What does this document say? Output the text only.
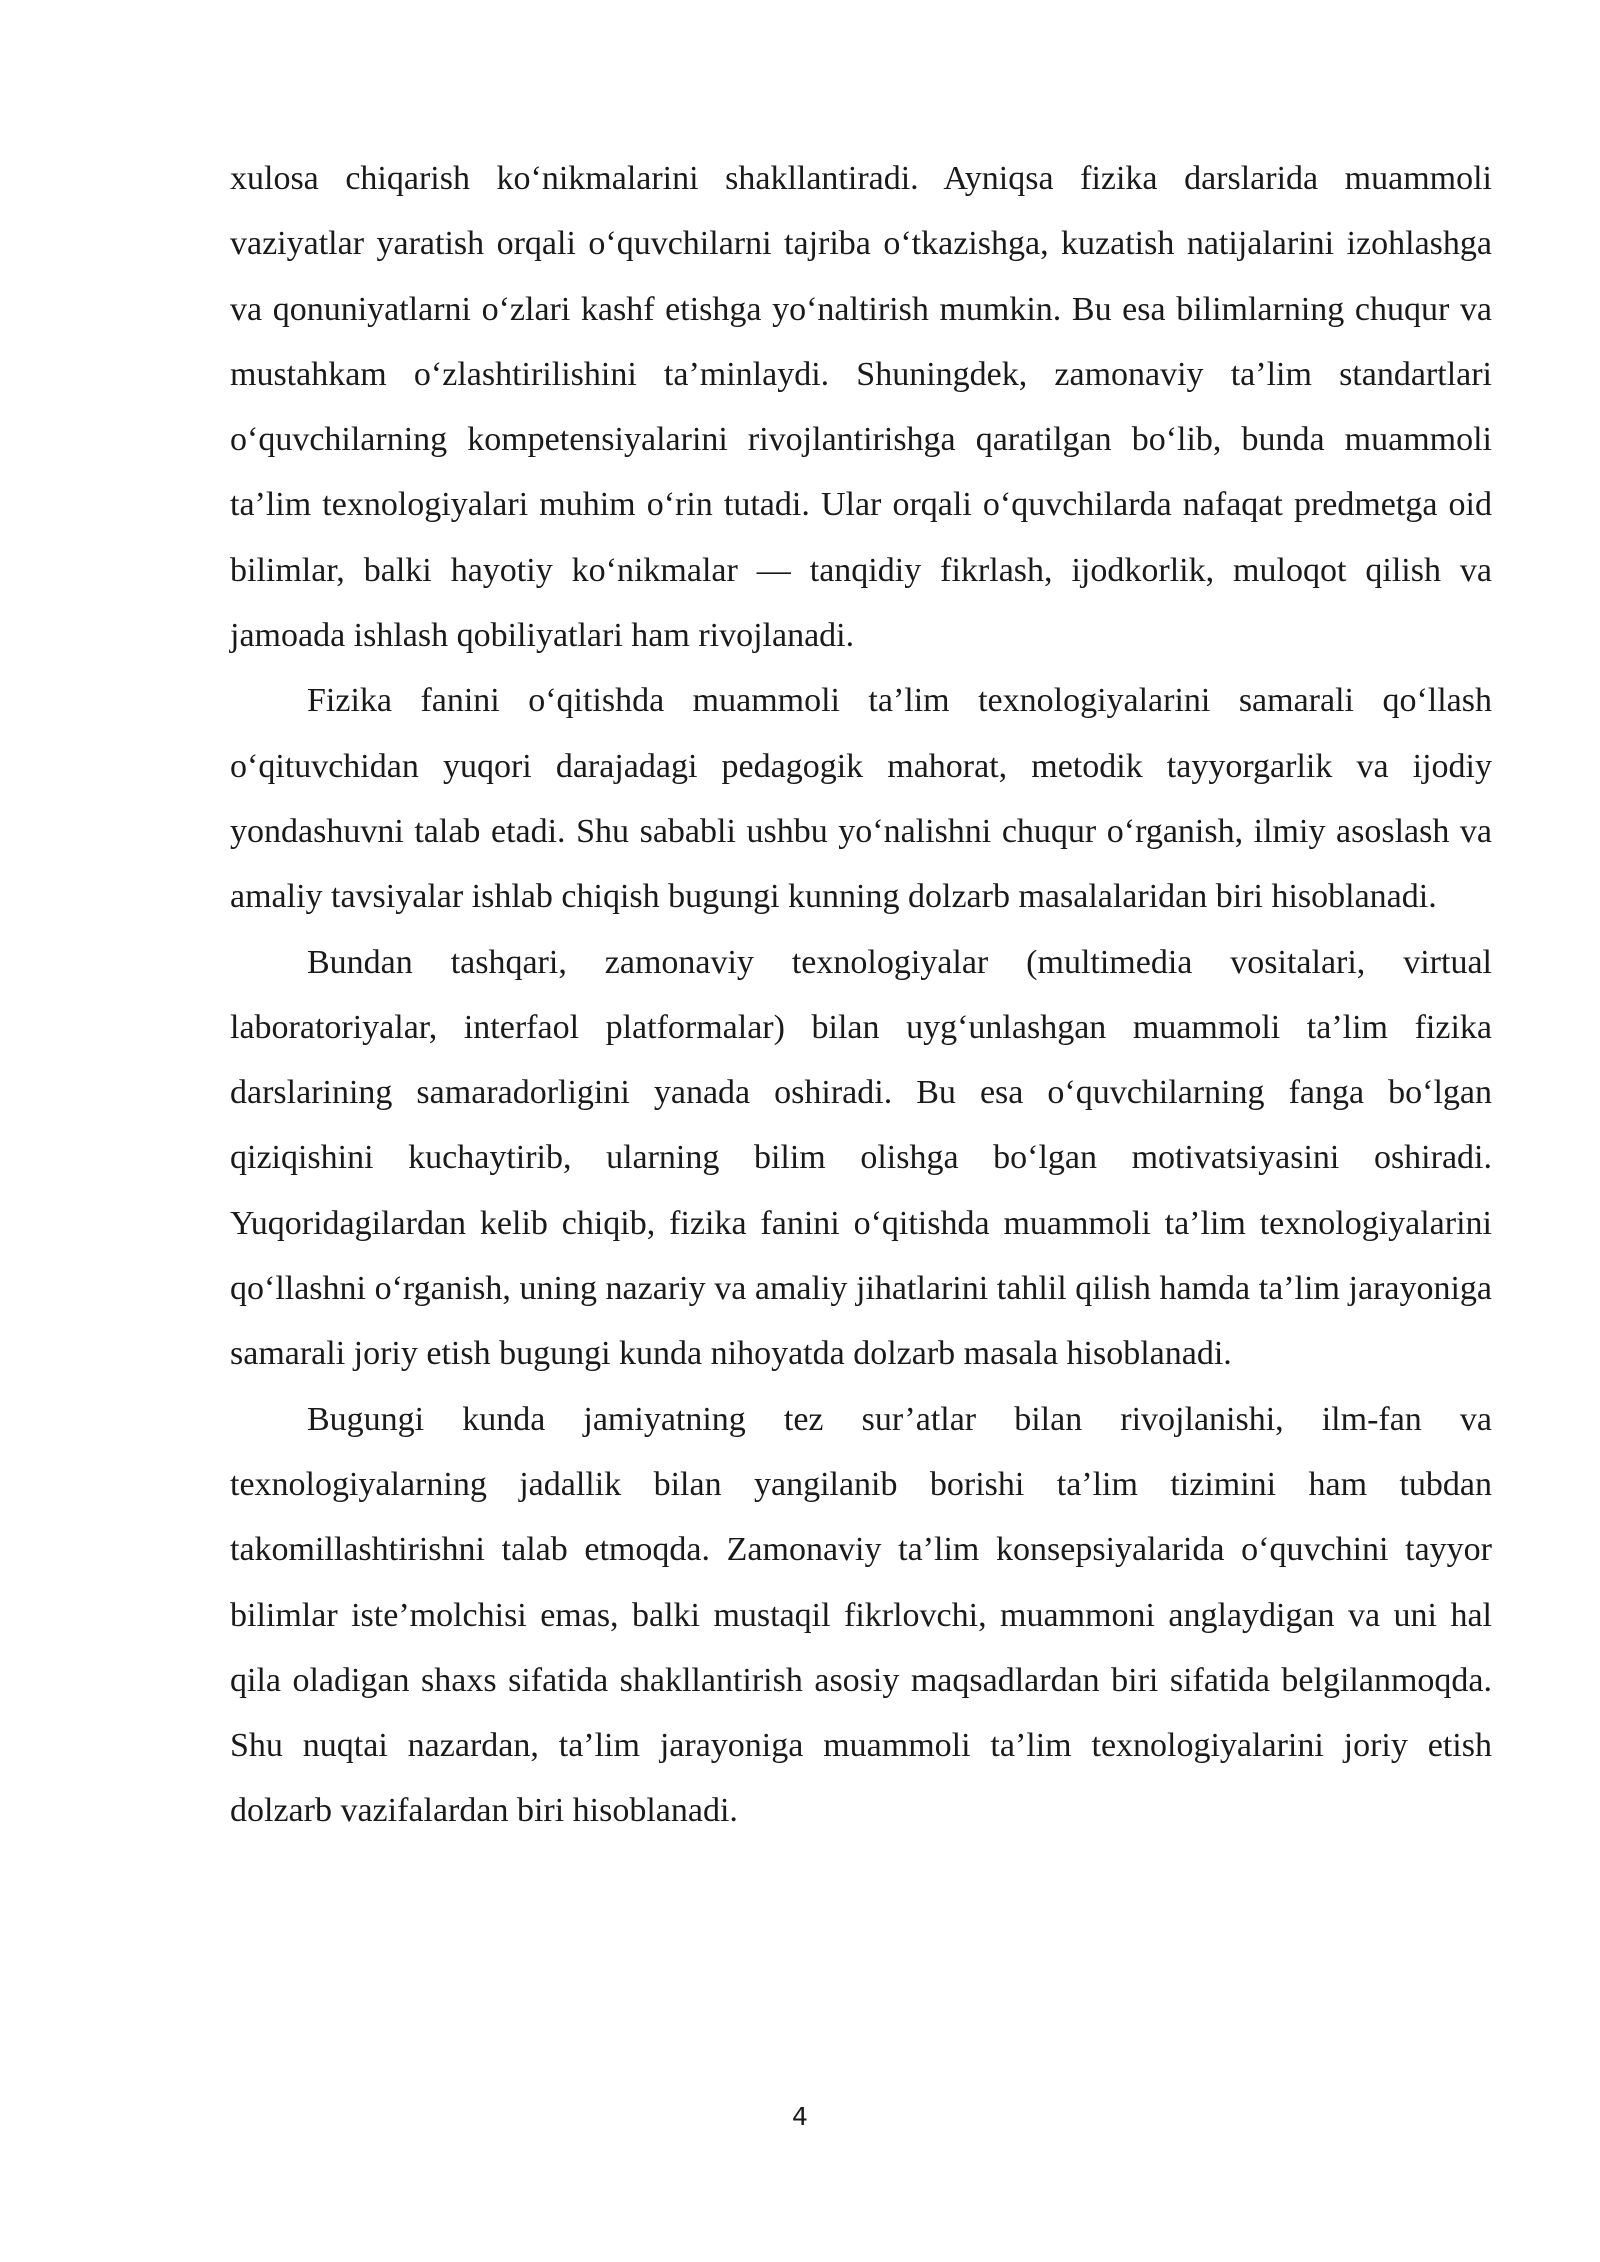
xulosa chiqarish ko‘nikmalarini shakllantiradi. Ayniqsa fizika darslarida muammoli vaziyatlar yaratish orqali o‘quvchilarni tajriba o‘tkazishga, kuzatish natijalarini izohlashga va qonuniyatlarni o‘zlari kashf etishga yo‘naltirish mumkin. Bu esa bilimlarning chuqur va mustahkam o‘zlashtirilishini ta’minlaydi. Shuningdek, zamonaviy ta’lim standartlari o‘quvchilarning kompetensiyalarini rivojlantirishga qaratilgan bo‘lib, bunda muammoli ta’lim texnologiyalari muhim o‘rin tutadi. Ular orqali o‘quvchilarda nafaqat predmetga oid bilimlar, balki hayotiy ko‘nikmalar — tanqidiy fikrlash, ijodkorlik, muloqot qilish va jamoada ishlash qobiliyatlari ham rivojlanadi.

Fizika fanini o‘qitishda muammoli ta’lim texnologiyalarini samarali qo‘llash o‘qituvchidan yuqori darajadagi pedagogik mahorat, metodik tayyorgarlik va ijodiy yondashuvni talab etadi. Shu sababli ushbu yo‘nalishni chuqur o‘rganish, ilmiy asoslash va amaliy tavsiyalar ishlab chiqish bugungi kunning dolzarb masalalaridan biri hisoblanadi.

Bundan tashqari, zamonaviy texnologiyalar (multimedia vositalari, virtual laboratoriyalar, interfaol platformalar) bilan uyg‘unlashgan muammoli ta’lim fizika darslarining samaradorligini yanada oshiradi. Bu esa o‘quvchilarning fanga bo‘lgan qiziqishini kuchaytirib, ularning bilim olishga bo‘lgan motivatsiyasini oshiradi. Yuqoridagilardan kelib chiqib, fizika fanini o‘qitishda muammoli ta’lim texnologiyalarini qo‘llashni o‘rganish, uning nazariy va amaliy jihatlarini tahlil qilish hamda ta’lim jarayoniga samarali joriy etish bugungi kunda nihoyatda dolzarb masala hisoblanadi.

Bugungi kunda jamiyatning tez sur’atlar bilan rivojlanishi, ilm-fan va texnologiyalarning jadallik bilan yangilanib borishi ta’lim tizimini ham tubdan takomillashtirishni talab etmoqda. Zamonaviy ta’lim konsepsiyalarida o‘quvchini tayyor bilimlar iste’molchisi emas, balki mustaqil fikrlovchi, muammoni anglaydigan va uni hal qila oladigan shaxs sifatida shakllantirish asosiy maqsadlardan biri sifatida belgilanmoqda. Shu nuqtai nazardan, ta’lim jarayoniga muammoli ta’lim texnologiyalarini joriy etish dolzarb vazifalardan biri hisoblanadi.

4
